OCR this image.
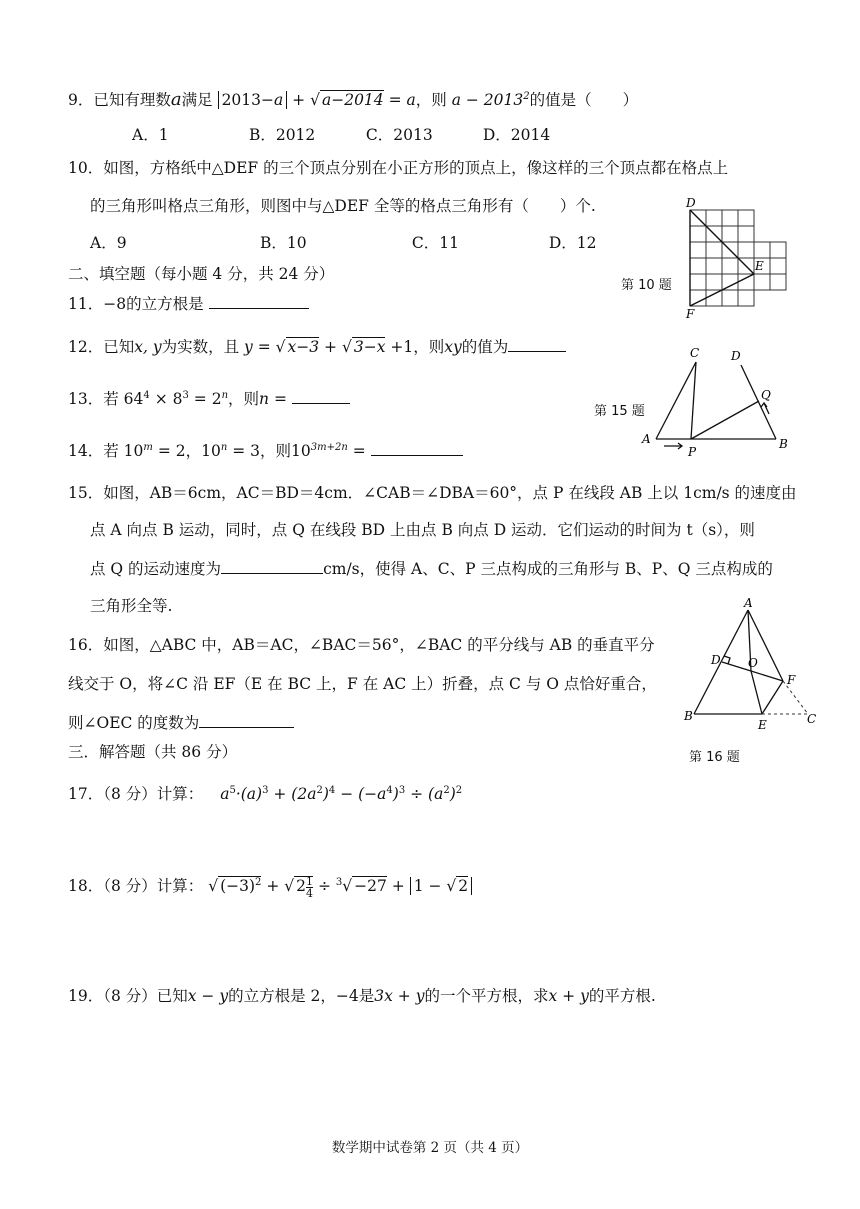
9．已知有理数a满足 2013−a + √ a−2014 = a，则 $a - 2013^2$的值是（　　）
A．1	B．2012	C．2013	D．2014
10．如图，方格纸中△DEF 的三个顶点分别在小正方形的顶点上，像这样的三个顶点都在格点上
的三角形叫格点三角形，则图中与△DEF 全等的格点三角形有（　　）个.
A．9	B．10	C．11	D．12
二、填空题（每小题 4 分，共 24 分）
11．−8的立方根是
12．已知x, y为实数，且 y = √ x−3 + √ 3−x +1，则xy的值为
13．若 $64^4 \times 8^3 = 2^n$，则n =
14．若 $10^m = 2$，$10^n = 3$，则$10^{3m+2n}$ =
15．如图，AB＝6cm，AC＝BD＝4cm．∠CAB＝∠DBA＝60°，点 P 在线段 AB 上以 1cm/s 的速度由
点 A 向点 B 运动，同时，点 Q 在线段 BD 上由点 B 向点 D 运动．它们运动的时间为 t（s），则
点 Q 的运动速度为	cm/s，使得 A、C、P 三点构成的三角形与 B、P、Q 三点构成的
三角形全等.
16．如图，△ABC 中，AB＝AC，∠BAC＝56°，∠BAC 的平分线与 AB 的垂直平分
线交于 O，将∠C 沿 EF（E 在 BC 上，F 在 AC 上）折叠，点 C 与 O 点恰好重合，
则∠OEC 的度数为
三．解答题（共 86 分）
17．（8 分）计算： $a^5\cdot(a)^3 + (2a^2)^4 - (-a^4)^3 \div (a^2)^2$
18．（8 分）计算： √ $(-3)^2$ + √ $2 \frac{1}{4} \div ^3√ -27 + 1$ − √ 2
19．（8 分）已知x − y的立方根是 2，−4是3x + y的一个平方根，求x + y的平方根.
数学期中试卷第 2 页（共 4 页）
D
E
F
第 10 题
C	D
Q
A
P
B
第 15 题
A
D O
F
B
E	C
第 16 题
